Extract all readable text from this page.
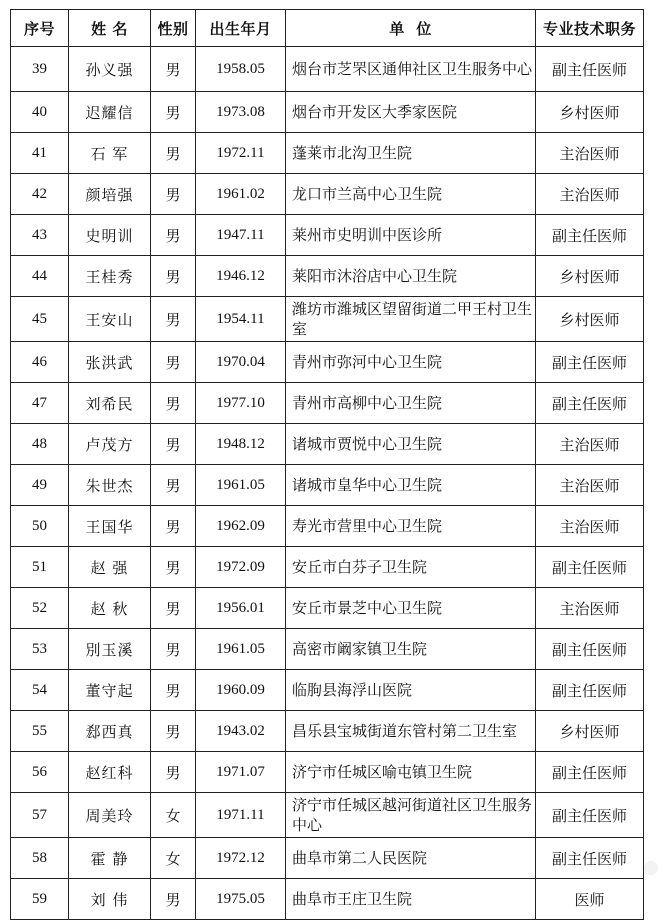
序号	姓 名	性别	出生年月	单  位	专业技术职务
39	孙义强	男	1958.05	烟台市芝罘区通伸社区卫生服务中心	副主任医师
40	迟耀信	男	1973.08	烟台市开发区大季家医院	乡村医师
41	石 军	男	1972.11	蓬莱市北沟卫生院	主治医师
42	颜培强	男	1961.02	龙口市兰高中心卫生院	主治医师
43	史明训	男	1947.11	莱州市史明训中医诊所	副主任医师
44	王桂秀	男	1946.12	莱阳市沐浴店中心卫生院	乡村医师
45	王安山	男	1954.11	潍坊市潍城区望留街道二甲王村卫生室	乡村医师
46	张洪武	男	1970.04	青州市弥河中心卫生院	副主任医师
47	刘希民	男	1977.10	青州市高柳中心卫生院	副主任医师
48	卢茂方	男	1948.12	诸城市贾悦中心卫生院	主治医师
49	朱世杰	男	1961.05	诸城市皇华中心卫生院	主治医师
50	王国华	男	1962.09	寿光市营里中心卫生院	主治医师
51	赵 强	男	1972.09	安丘市白芬子卫生院	副主任医师
52	赵 秋	男	1956.01	安丘市景芝中心卫生院	主治医师
53	別玉溪	男	1961.05	高密市阚家镇卫生院	副主任医师
54	董守起	男	1960.09	临朐县海浮山医院	副主任医师
55	郄西真	男	1943.02	昌乐县宝城街道东管村第二卫生室	乡村医师
56	赵红科	男	1971.07	济宁市任城区喻屯镇卫生院	副主任医师
57	周美玲	女	1971.11	济宁市任城区越河街道社区卫生服务中心	副主任医师
58	霍 静	女	1972.12	曲阜市第二人民医院	副主任医师
59	刘 伟	男	1975.05	曲阜市王庄卫生院	医师
